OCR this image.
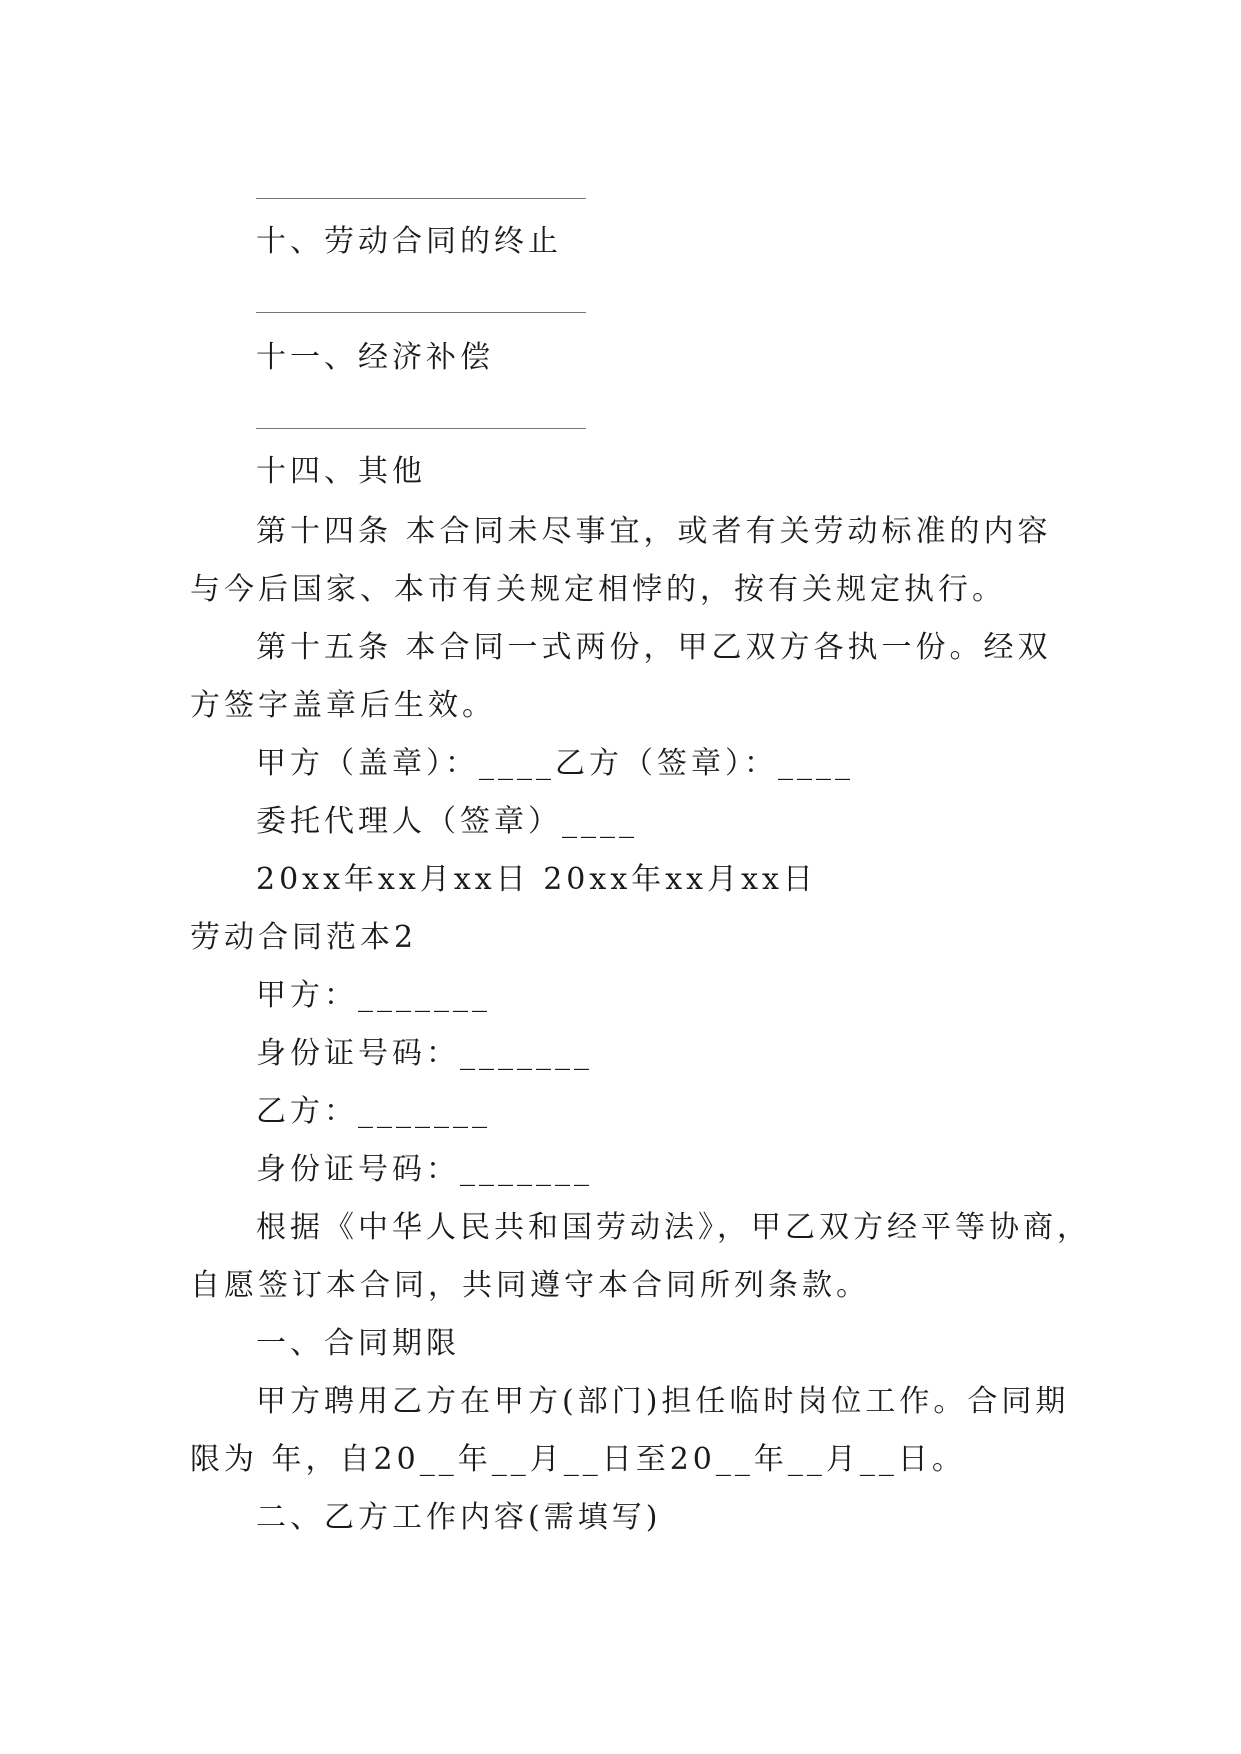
十、劳动合同的终止
十一、经济补偿
十四、其他
第十四条 本合同未尽事宜，或者有关劳动标准的内容
与今后国家、本市有关规定相悖的，按有关规定执行。
第十五条 本合同一式两份，甲乙双方各执一份。经双
方签字盖章后生效。
甲方（盖章）：____乙方（签章）：____
委托代理人（签章）____
20xx年xx月xx日 20xx年xx月xx日
劳动合同范本2
甲方：_______
身份证号码：_______
乙方：_______
身份证号码：_______
根据《中华人民共和国劳动法》，甲乙双方经平等协商，
自愿签订本合同，共同遵守本合同所列条款。
一、合同期限
甲方聘用乙方在甲方(部门)担任临时岗位工作。合同期
限为 年，自20__年__月__日至20__年__月__日。
二、乙方工作内容(需填写)
